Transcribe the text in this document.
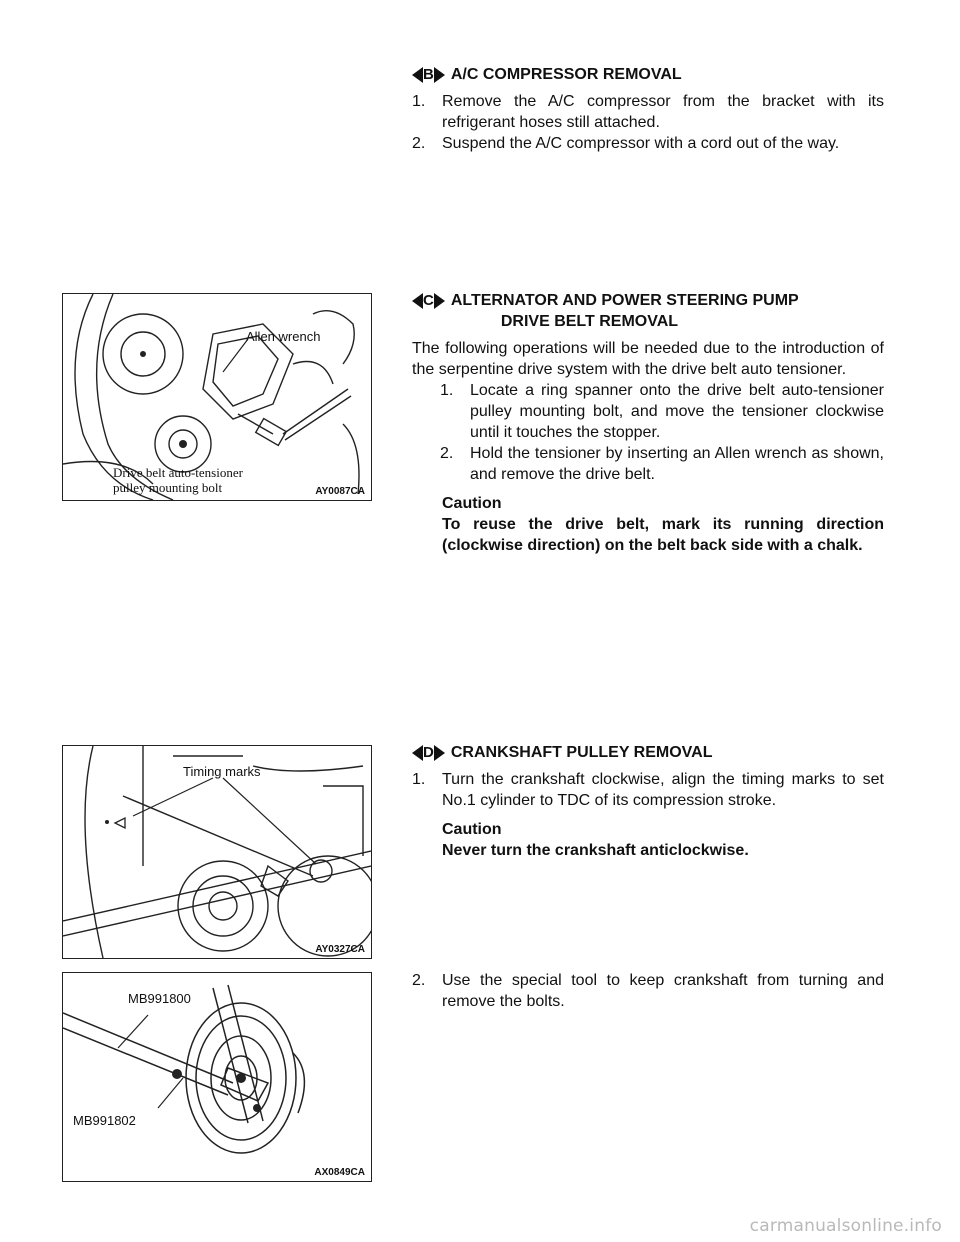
B A/C COMPRESSOR REMOVAL
1.	Remove the A/C compressor from the bracket with its refrigerant hoses still attached.
2.	Suspend the A/C compressor with a cord out of the way.
C ALTERNATOR AND POWER STEERING PUMP
DRIVE BELT REMOVAL

The following operations will be needed due to the introduction of the serpentine drive system with the drive belt auto tensioner.

1.	Locate a ring spanner onto the drive belt auto-tensioner pulley mounting bolt, and move the tensioner clockwise until it touches the stopper.
2.	Hold the tensioner by inserting an Allen wrench as shown, and remove the drive belt.
Caution
To reuse the drive belt, mark its running direction (clockwise direction) on the belt back side with a chalk.
D CRANKSHAFT PULLEY REMOVAL
1.	Turn the crankshaft clockwise, align the timing marks to set No.1 cylinder to TDC of its compression stroke.
Caution
Never turn the crankshaft anticlockwise.
2.	Use the special tool to keep crankshaft from turning and remove the bolts.
Allen wrench
Drive belt auto-tensioner
pulley mounting bolt	AY0087CA
Timing marks
AY0327CA
MB991800
MB991802
AX0849CA
carmanualsonline.info
